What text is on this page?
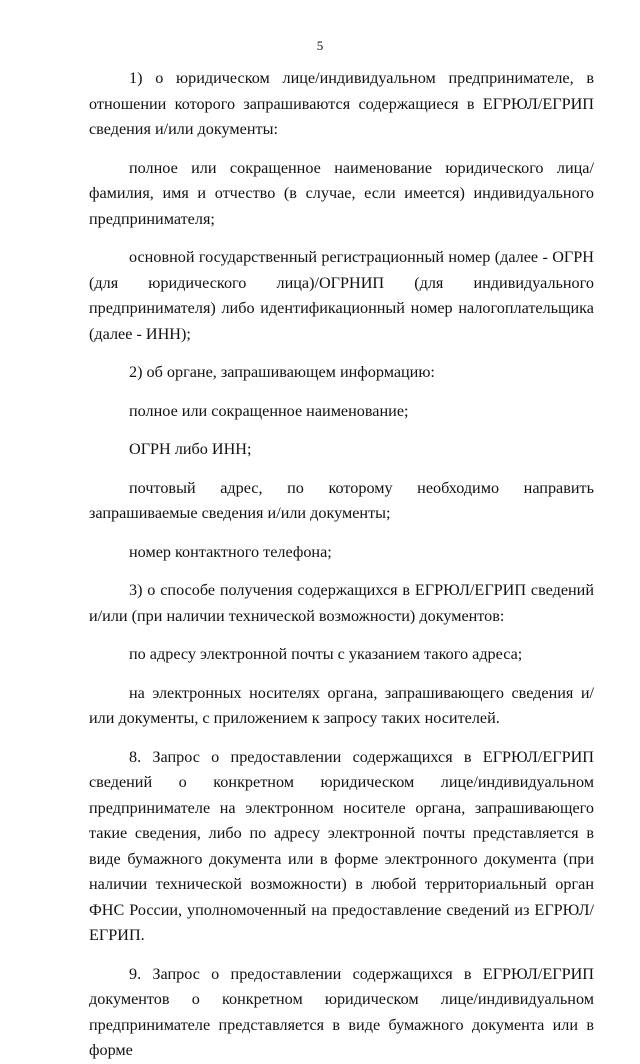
5

1) о юридическом лице/индивидуальном предпринимателе, в отношении которого запрашиваются содержащиеся в ЕГРЮЛ/ЕГРИП сведения и/или документы:

полное или сокращенное наименование юридического лица/фамилия, имя и отчество (в случае, если имеется) индивидуального предпринимателя;

основной государственный регистрационный номер (далее - ОГРН (для юридического лица)/ОГРНИП (для индивидуального предпринимателя) либо идентификационный номер налогоплательщика (далее - ИНН);

2) об органе, запрашивающем информацию:

полное или сокращенное наименование;

ОГРН либо ИНН;

почтовый адрес, по которому необходимо направить запрашиваемые сведения и/или документы;

номер контактного телефона;

3) о способе получения содержащихся в ЕГРЮЛ/ЕГРИП сведений и/или (при наличии технической возможности) документов:

по адресу электронной почты с указанием такого адреса;

на электронных носителях органа, запрашивающего сведения и/или документы, с приложением к запросу таких носителей.

8. Запрос о предоставлении содержащихся в ЕГРЮЛ/ЕГРИП сведений о конкретном юридическом лице/индивидуальном предпринимателе на электронном носителе органа, запрашивающего такие сведения, либо по адресу электронной почты представляется в виде бумажного документа или в форме электронного документа (при наличии технической возможности) в любой территориальный орган ФНС России, уполномоченный на предоставление сведений из ЕГРЮЛ/ЕГРИП.

9. Запрос о предоставлении содержащихся в ЕГРЮЛ/ЕГРИП документов о конкретном юридическом лице/индивидуальном предпринимателе представляется в виде бумажного документа или в форме
